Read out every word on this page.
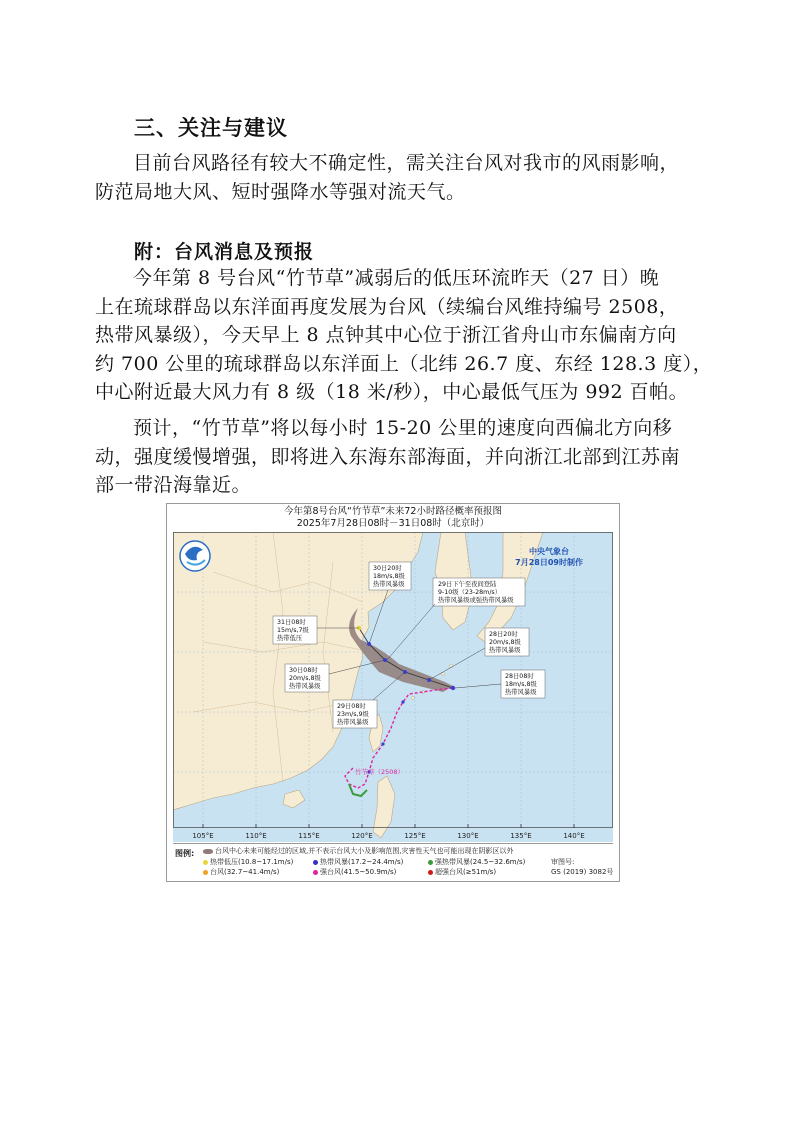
三、关注与建议
目前台风路径有较大不确定性，需关注台风对我市的风雨影响，
防范局地大风、短时强降水等强对流天气。
附：台风消息及预报
今年第 8 号台风“竹节草”减弱后的低压环流昨天（27 日）晚
上在琉球群岛以东洋面再度发展为台风（续编台风维持编号 2508，
热带风暴级），今天早上 8 点钟其中心位于浙江省舟山市东偏南方向
约 700 公里的琉球群岛以东洋面上（北纬 26.7 度、东经 128.3 度），
中心附近最大风力有 8 级（18 米/秒），中心最低气压为 992 百帕。
预计，“竹节草”将以每小时 15-20 公里的速度向西偏北方向移
动，强度缓慢增强，即将进入东海东部海面，并向浙江北部到江苏南
部一带沿海靠近。
今年第8号台风“竹节草”未来72小时路径概率预报图
2025年7月28日08时－31日08时（北京时）
105°E	110°E	115°E	120°E	125°E	130°E	135°E	140°E
中央气象台
7月28日09时制作
竹节草（2508）
30日20时
18m/s,8级
热带风暴级	29日下午至夜间登陆
9-10级（23-28m/s）
热带风暴级或强热带风暴级
31日08时
15m/s,7级
热带低压
28日20时
20m/s,8级
热带风暴级
28日08时
18m/s,8级
热带风暴级
30日08时
20m/s,8级
热带风暴级
29日08时
23m/s,9级
热带风暴级
图例:	台风中心未来可能经过的区域,并不表示台风大小及影响范围,灾害性天气也可能出现在阴影区以外
热带低压(10.8~17.1m/s)	热带风暴(17.2~24.4m/s)	强热带风暴(24.5~32.6m/s)
台风(32.7~41.4m/s)	强台风(41.5~50.9m/s)	超强台风(≥51m/s)
审图号:
GS (2019) 3082号
